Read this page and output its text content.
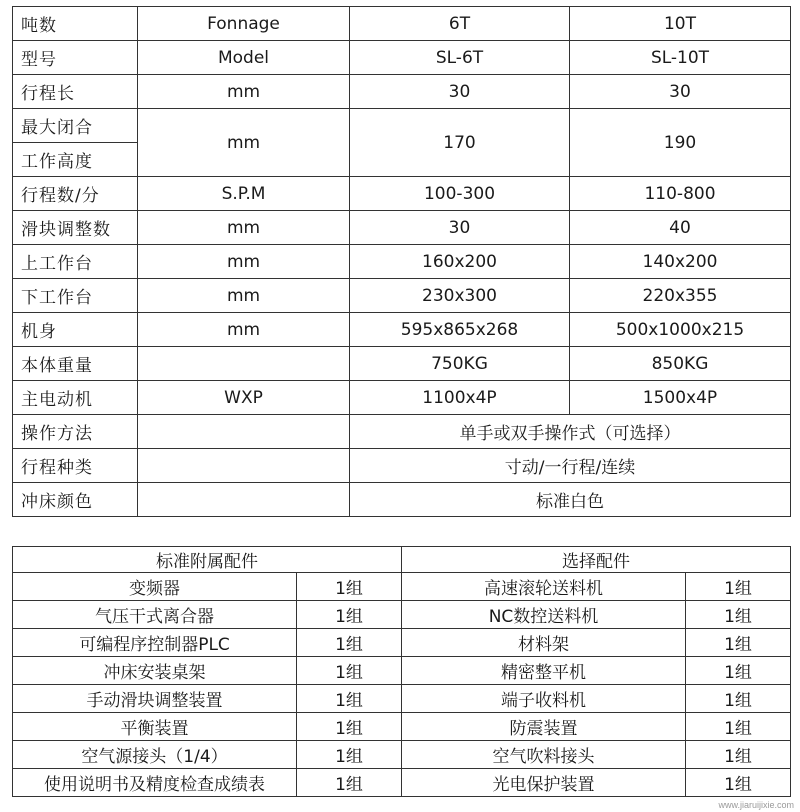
吨数	Fonnage	6T	10T
型号	Model	SL-6T	SL-10T
行程长	mm	30	30
最大闭合	mm	170	190
工作高度			
行程数/分	S.P.M	100-300	110-800
滑块调整数	mm	30	40
上工作台	mm	160x200	140x200
下工作台	mm	230x300	220x355
机身	mm	595x865x268	500x1000x215
本体重量		750KG	850KG
主电动机	WXP	1100x4P	1500x4P
操作方法		单手或双手操作式（可选择）	
行程种类		寸动/一行程/连续	
冲床颜色		标准白色	
标准附属配件		选择配件	
变频器	1组	高速滚轮送料机	1组
气压干式离合器	1组	NC数控送料机	1组
可编程序控制器PLC	1组	材料架	1组
冲床安装桌架	1组	精密整平机	1组
手动滑块调整装置	1组	端子收料机	1组
平衡装置	1组	防震装置	1组
空气源接头（1/4）	1组	空气吹料接头	1组
使用说明书及精度检查成绩表	1组	光电保护装置	1组
www.jiaruijixie.com
